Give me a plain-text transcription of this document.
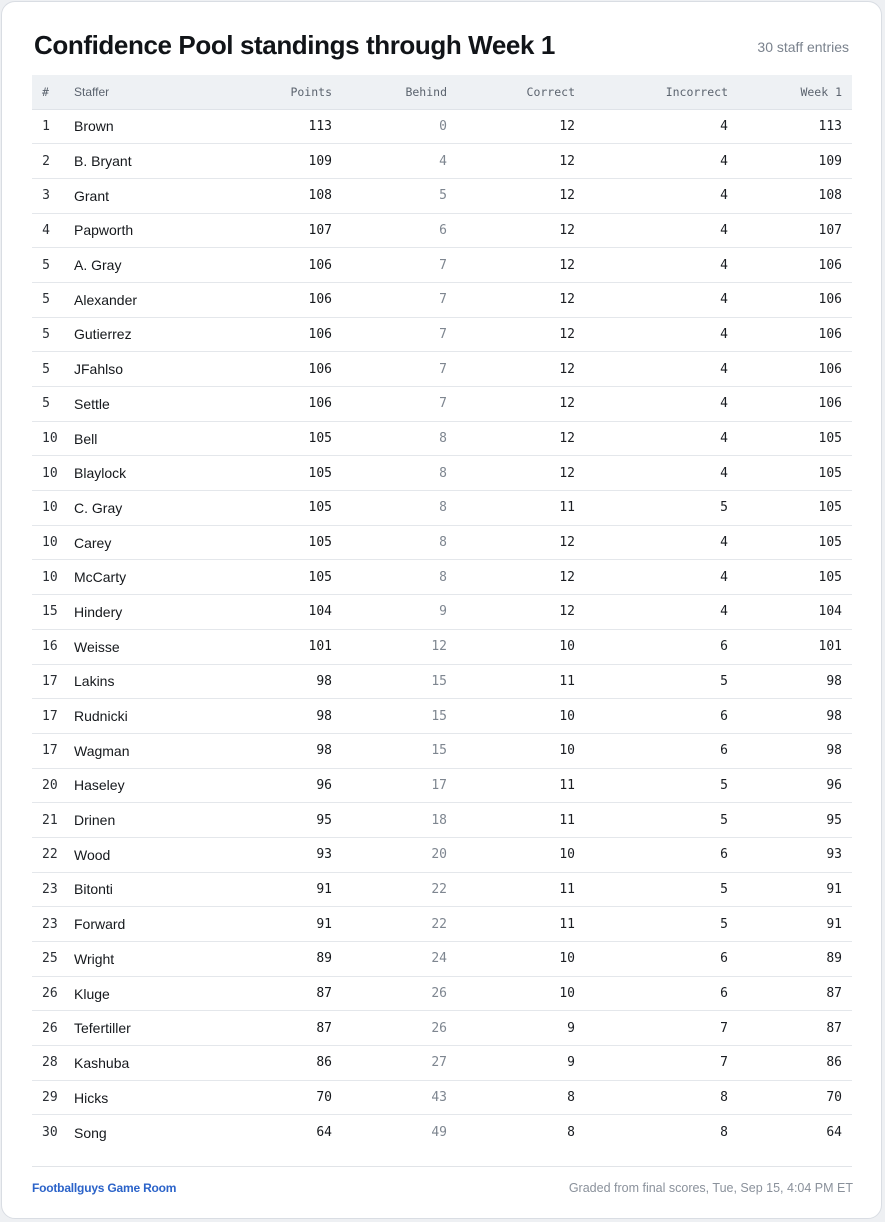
Confidence Pool standings through Week 1	30 staff entries
#	Staffer	Points	Behind	Correct	Incorrect	Week 1
1	Brown	113	0	12	4	113
2	B. Bryant	109	4	12	4	109
3	Grant	108	5	12	4	108
4	Papworth	107	6	12	4	107
5	A. Gray	106	7	12	4	106
5	Alexander	106	7	12	4	106
5	Gutierrez	106	7	12	4	106
5	JFahlso	106	7	12	4	106
5	Settle	106	7	12	4	106
10	Bell	105	8	12	4	105
10	Blaylock	105	8	12	4	105
10	C. Gray	105	8	11	5	105
10	Carey	105	8	12	4	105
10	McCarty	105	8	12	4	105
15	Hindery	104	9	12	4	104
16	Weisse	101	12	10	6	101
17	Lakins	98	15	11	5	98
17	Rudnicki	98	15	10	6	98
17	Wagman	98	15	10	6	98
20	Haseley	96	17	11	5	96
21	Drinen	95	18	11	5	95
22	Wood	93	20	10	6	93
23	Bitonti	91	22	11	5	91
23	Forward	91	22	11	5	91
25	Wright	89	24	10	6	89
26	Kluge	87	26	10	6	87
26	Tefertiller	87	26	9	7	87
28	Kashuba	86	27	9	7	86
29	Hicks	70	43	8	8	70
30	Song	64	49	8	8	64
Footballguys Game Room	Graded from final scores, Tue, Sep 15, 4:04 PM ET
